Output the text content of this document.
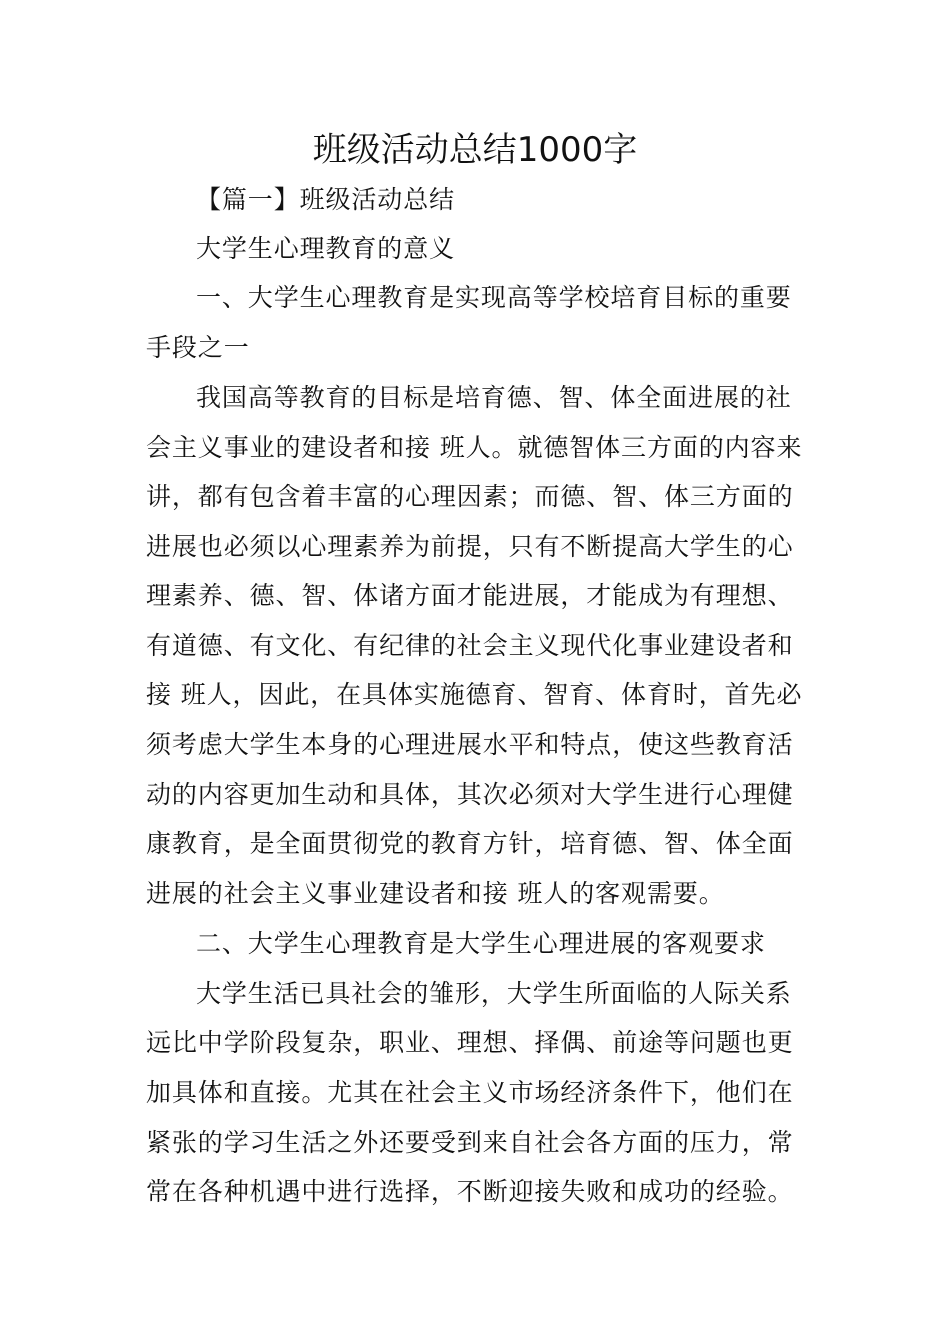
班级活动总结1000字

【篇一】班级活动总结

大学生心理教育的意义

一、大学生心理教育是实现高等学校培育目标的重要

手段之一

我国高等教育的目标是培育德、智、体全面进展的社

会主义事业的建设者和接 班人。就德智体三方面的内容来

讲，都有包含着丰富的心理因素；而德、智、体三方面的

进展也必须以心理素养为前提，只有不断提高大学生的心

理素养、德、智、体诸方面才能进展，才能成为有理想、

有道德、有文化、有纪律的社会主义现代化事业建设者和

接 班人，因此，在具体实施德育、智育、体育时，首先必

须考虑大学生本身的心理进展水平和特点，使这些教育活

动的内容更加生动和具体，其次必须对大学生进行心理健

康教育，是全面贯彻党的教育方针，培育德、智、体全面

进展的社会主义事业建设者和接 班人的客观需要。

二、大学生心理教育是大学生心理进展的客观要求

大学生活已具社会的雏形，大学生所面临的人际关系

远比中学阶段复杂，职业、理想、择偶、前途等问题也更

加具体和直接。尤其在社会主义市场经济条件下，他们在

紧张的学习生活之外还要受到来自社会各方面的压力，常

常在各种机遇中进行选择，不断迎接失败和成功的经验。
